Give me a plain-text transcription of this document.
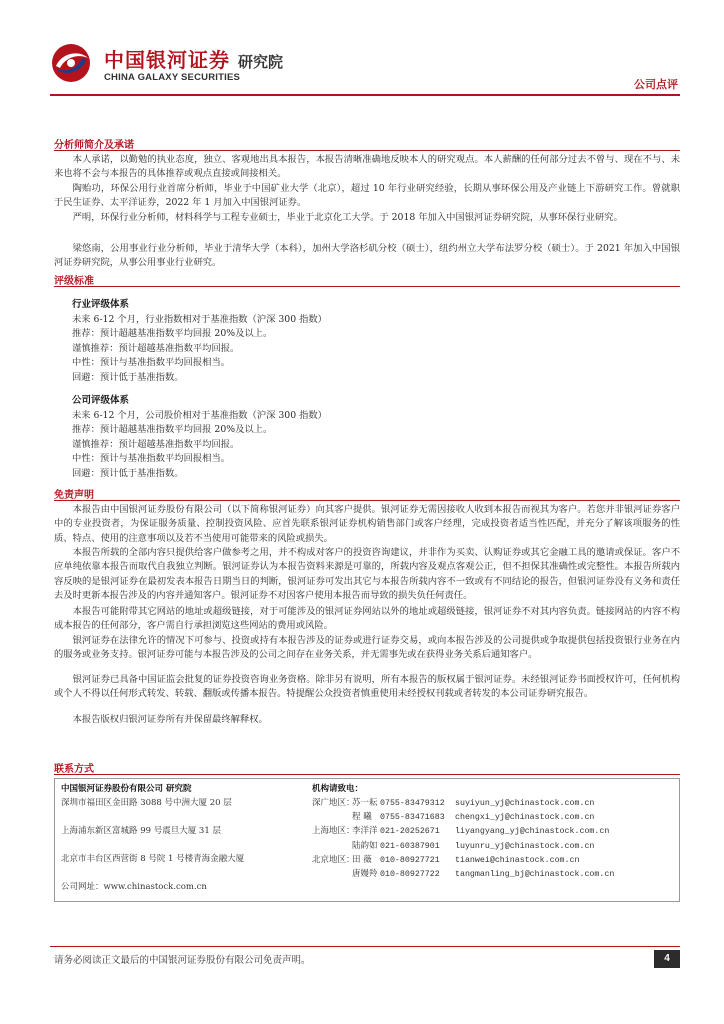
中国银河证券
CHINA GALAXY SECURITIES
研究院
公司点评
分析师简介及承诺

本人承诺，以勤勉的执业态度，独立、客观地出具本报告，本报告清晰准确地反映本人的研究观点。本人薪酬的任何部分过去不曾与、现在不与、未来也将不会与本报告的具体推荐或观点直接或间接相关。

陶贻功，环保公用行业首席分析师，毕业于中国矿业大学（北京），超过 10 年行业研究经验，长期从事环保公用及产业链上下游研究工作。曾就职于民生证券、太平洋证券，2022 年 1 月加入中国银河证券。

严明，环保行业分析师，材料科学与工程专业硕士，毕业于北京化工大学。于 2018 年加入中国银河证券研究院，从事环保行业研究。

梁悠南，公用事业行业分析师，毕业于清华大学（本科），加州大学洛杉矶分校（硕士），纽约州立大学布法罗分校（硕士）。于 2021 年加入中国银河证券研究院，从事公用事业行业研究。

评级标准
行业评级体系
未来 6-12 个月，行业指数相对于基准指数（沪深 300 指数）
推荐：预计超越基准指数平均回报 20%及以上。
谨慎推荐：预计超越基准指数平均回报。
中性：预计与基准指数平均回报相当。
回避：预计低于基准指数。
公司评级体系
未来 6-12 个月，公司股价相对于基准指数（沪深 300 指数）
推荐：预计超越基准指数平均回报 20%及以上。
谨慎推荐：预计超越基准指数平均回报。
中性：预计与基准指数平均回报相当。
回避：预计低于基准指数。
免责声明

本报告由中国银河证券股份有限公司（以下简称银河证券）向其客户提供。银河证券无需因接收人收到本报告而视其为客户。若您并非银河证券客户中的专业投资者，为保证服务质量、控制投资风险、应首先联系银河证券机构销售部门或客户经理，完成投资者适当性匹配，并充分了解该项服务的性质、特点、使用的注意事项以及若不当使用可能带来的风险或损失。

本报告所载的全部内容只提供给客户做参考之用，并不构成对客户的投资咨询建议，并非作为买卖、认购证券或其它金融工具的邀请或保证。客户不应单纯依靠本报告而取代自我独立判断。银河证券认为本报告资料来源是可靠的，所载内容及观点客观公正，但不担保其准确性或完整性。本报告所载内容反映的是银河证券在最初发表本报告日期当日的判断，银河证券可发出其它与本报告所载内容不一致或有不同结论的报告，但银河证券没有义务和责任去及时更新本报告涉及的内容并通知客户。银河证券不对因客户使用本报告而导致的损失负任何责任。

本报告可能附带其它网站的地址或超级链接，对于可能涉及的银河证券网站以外的地址或超级链接，银河证券不对其内容负责。链接网站的内容不构成本报告的任何部分，客户需自行承担浏览这些网站的费用或风险。

银河证券在法律允许的情况下可参与、投资或持有本报告涉及的证券或进行证券交易，或向本报告涉及的公司提供或争取提供包括投资银行业务在内的服务或业务支持。银河证券可能与本报告涉及的公司之间存在业务关系，并无需事先或在获得业务关系后通知客户。

银河证券已具备中国证监会批复的证券投资咨询业务资格。除非另有说明，所有本报告的版权属于银河证券。未经银河证券书面授权许可，任何机构或个人不得以任何形式转发、转载、翻版或传播本报告。特提醒公众投资者慎重使用未经授权刊载或者转发的本公司证券研究报告。

本报告版权归银河证券所有并保留最终解释权。

联系方式
中国银河证券股份有限公司 研究院
深圳市福田区金田路 3088 号中洲大厦 20 层
上海浦东新区富城路 99 号震旦大厦 31 层
北京市丰台区西营街 8 号院 1 号楼青海金融大厦
公司网址：www.chinastock.com.cn
机构请致电：
深广地区：苏一耘 0755-83479312 suyiyun_yj@chinastock.com.cn
程 曦 0755-83471683 chengxi_yj@chinastock.com.cn
上海地区：李洋洋 021-20252671 liyangyang_yj@chinastock.com.cn
陆韵如 021-60387901 luyunru_yj@chinastock.com.cn
北京地区：田 薇 010-80927721 tianwei@chinastock.com.cn
唐嫚羚 010-80927722 tangmanling_bj@chinastock.com.cn
请务必阅读正文最后的中国银河证券股份有限公司免责声明。	4
